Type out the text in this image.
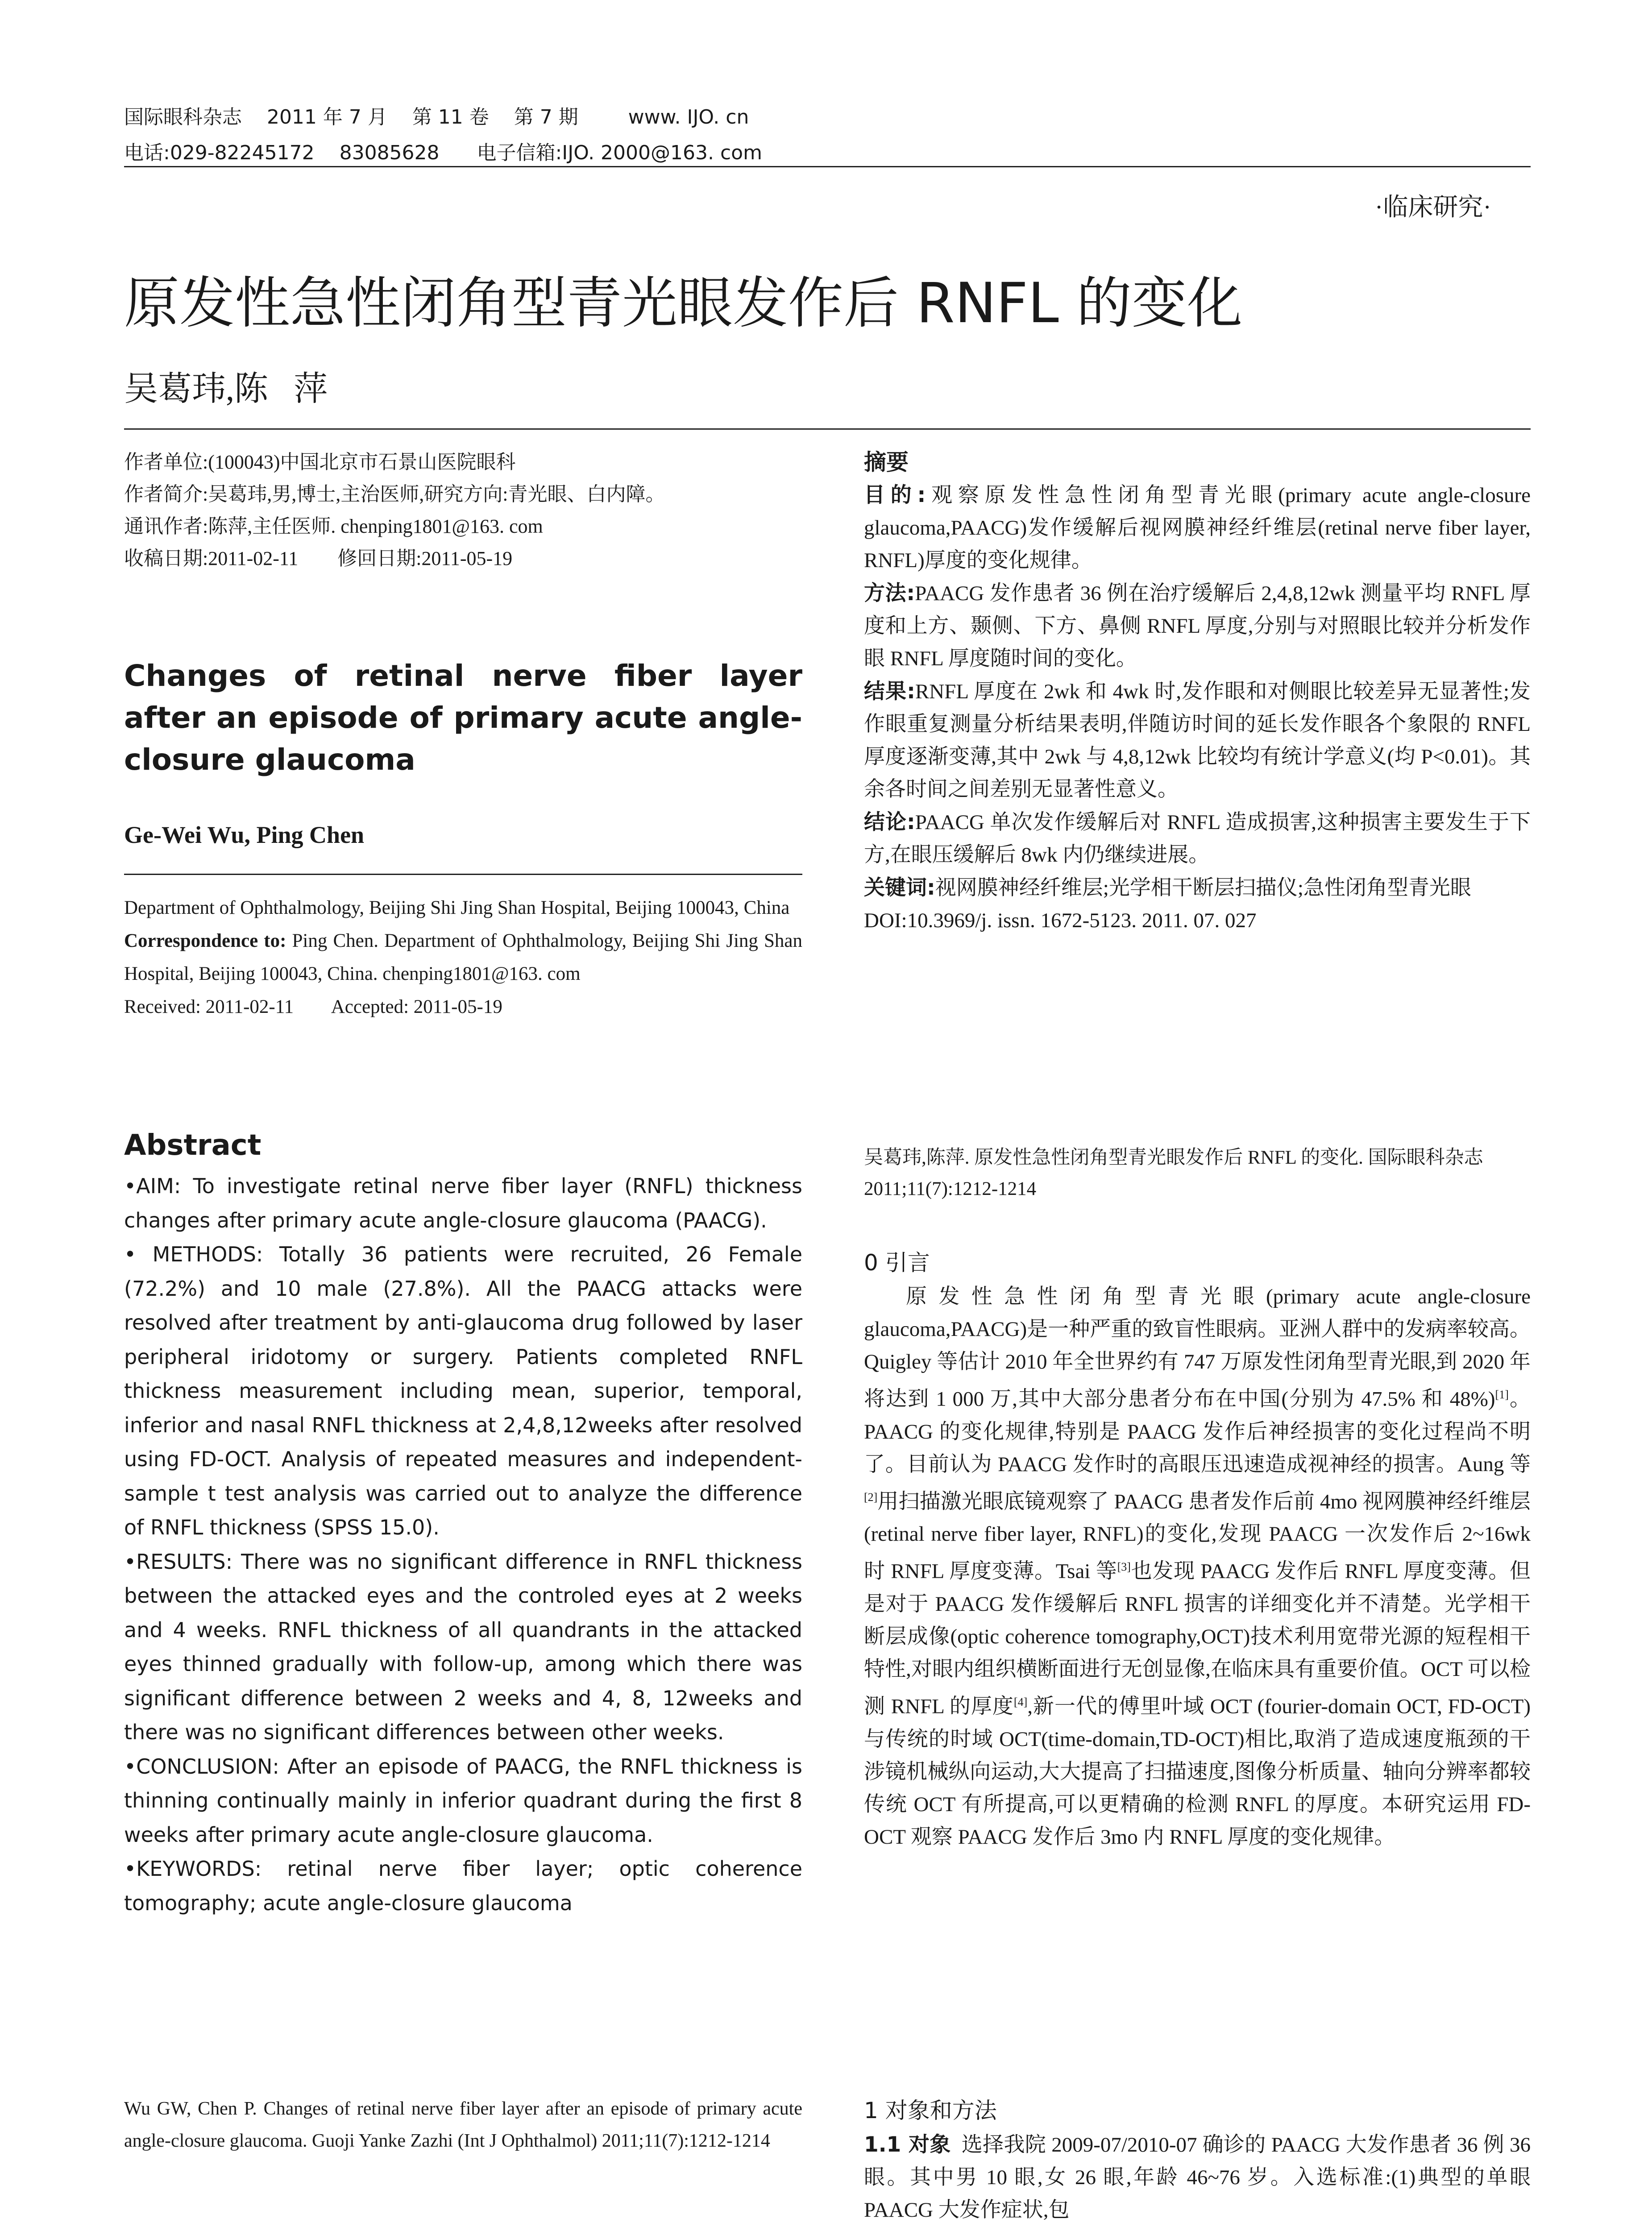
国际眼科杂志    2011 年 7 月    第 11 卷    第 7 期        www. IJO. cn
电话:029-82245172    83085628      电子信箱:IJO. 2000@163. com
·临床研究·
原发性急性闭角型青光眼发作后 RNFL 的变化
吴葛玮,陈   萍

作者单位:(100043)中国北京市石景山医院眼科

作者简介:吴葛玮,男,博士,主治医师,研究方向:青光眼、白内障。

通讯作者:陈萍,主任医师. chenping1801@163. com

收稿日期:2011-02-11        修回日期:2011-05-19

Changes of retinal nerve fiber layer after an episode of primary acute angle-closure glaucoma
Ge-Wei Wu, Ping Chen

Department of Ophthalmology, Beijing Shi Jing Shan Hospital, Beijing 100043, China

Correspondence to: Ping Chen. Department of Ophthalmology, Beijing Shi Jing Shan Hospital, Beijing 100043, China. chenping1801@163. com

Received: 2011-02-11        Accepted: 2011-05-19

Abstract

•AIM: To investigate retinal nerve fiber layer (RNFL) thickness changes after primary acute angle-closure glaucoma (PAACG).

• METHODS: Totally 36 patients were recruited, 26 Female (72.2%) and 10 male (27.8%). All the PAACG attacks were resolved after treatment by anti-glaucoma drug followed by laser peripheral iridotomy or surgery. Patients completed RNFL thickness measurement including mean, superior, temporal, inferior and nasal RNFL thickness at 2,4,8,12weeks after resolved using FD-OCT. Analysis of repeated measures and independent-sample t test analysis was carried out to analyze the difference of RNFL thickness (SPSS 15.0).

•RESULTS: There was no significant difference in RNFL thickness between the attacked eyes and the controled eyes at 2 weeks and 4 weeks. RNFL thickness of all quandrants in the attacked eyes thinned gradually with follow-up, among which there was significant difference between 2 weeks and 4, 8, 12weeks and there was no significant differences between other weeks.

•CONCLUSION: After an episode of PAACG, the RNFL thickness is thinning continually mainly in inferior quadrant during the first 8 weeks after primary acute angle-closure glaucoma.

•KEYWORDS: retinal nerve fiber layer; optic coherence tomography; acute angle-closure glaucoma

Wu GW, Chen P. Changes of retinal nerve fiber layer after an episode of primary acute angle-closure glaucoma. Guoji Yanke Zazhi (Int J Ophthalmol) 2011;11(7):1212-1214

摘要

目的:观察原发性急性闭角型青光眼(primary acute angle-closure glaucoma,PAACG)发作缓解后视网膜神经纤维层(retinal nerve fiber layer, RNFL)厚度的变化规律。

方法:PAACG 发作患者 36 例在治疗缓解后 2,4,8,12wk 测量平均 RNFL 厚度和上方、颞侧、下方、鼻侧 RNFL 厚度,分别与对照眼比较并分析发作眼 RNFL 厚度随时间的变化。

结果:RNFL 厚度在 2wk 和 4wk 时,发作眼和对侧眼比较差异无显著性;发作眼重复测量分析结果表明,伴随访时间的延长发作眼各个象限的 RNFL 厚度逐渐变薄,其中 2wk 与 4,8,12wk 比较均有统计学意义(均 P<0.01)。其余各时间之间差别无显著性意义。

结论:PAACG 单次发作缓解后对 RNFL 造成损害,这种损害主要发生于下方,在眼压缓解后 8wk 内仍继续进展。

关键词:视网膜神经纤维层;光学相干断层扫描仪;急性闭角型青光眼

DOI:10.3969/j. issn. 1672-5123. 2011. 07. 027

吴葛玮,陈萍. 原发性急性闭角型青光眼发作后 RNFL 的变化. 国际眼科杂志 2011;11(7):1212-1214
0 引言

原发性急性闭角型青光眼(primary acute angle-closure glaucoma,PAACG)是一种严重的致盲性眼病。亚洲人群中的发病率较高。Quigley 等估计 2010 年全世界约有 747 万原发性闭角型青光眼,到 2020 年将达到 1 000 万,其中大部分患者分布在中国(分别为 47.5% 和 48%)[1]。PAACG 的变化规律,特别是 PAACG 发作后神经损害的变化过程尚不明了。目前认为 PAACG 发作时的高眼压迅速造成视神经的损害。Aung 等[2]用扫描激光眼底镜观察了 PAACG 患者发作后前 4mo 视网膜神经纤维层(retinal nerve fiber layer, RNFL)的变化,发现 PAACG 一次发作后 2~16wk 时 RNFL 厚度变薄。Tsai 等[3]也发现 PAACG 发作后 RNFL 厚度变薄。但是对于 PAACG 发作缓解后 RNFL 损害的详细变化并不清楚。光学相干断层成像(optic coherence tomography,OCT)技术利用宽带光源的短程相干特性,对眼内组织横断面进行无创显像,在临床具有重要价值。OCT 可以检测 RNFL 的厚度[4],新一代的傅里叶域 OCT (fourier-domain OCT, FD-OCT)与传统的时域 OCT(time-domain,TD-OCT)相比,取消了造成速度瓶颈的干涉镜机械纵向运动,大大提高了扫描速度,图像分析质量、轴向分辨率都较传统 OCT 有所提高,可以更精确的检测 RNFL 的厚度。本研究运用 FD-OCT 观察 PAACG 发作后 3mo 内 RNFL 厚度的变化规律。

1 对象和方法

1.1 对象  选择我院 2009-07/2010-07 确诊的 PAACG 大发作患者 36 例 36 眼。其中男 10 眼,女 26 眼,年龄 46~76 岁。入选标准:(1)典型的单眼 PAACG 大发作症状,包
